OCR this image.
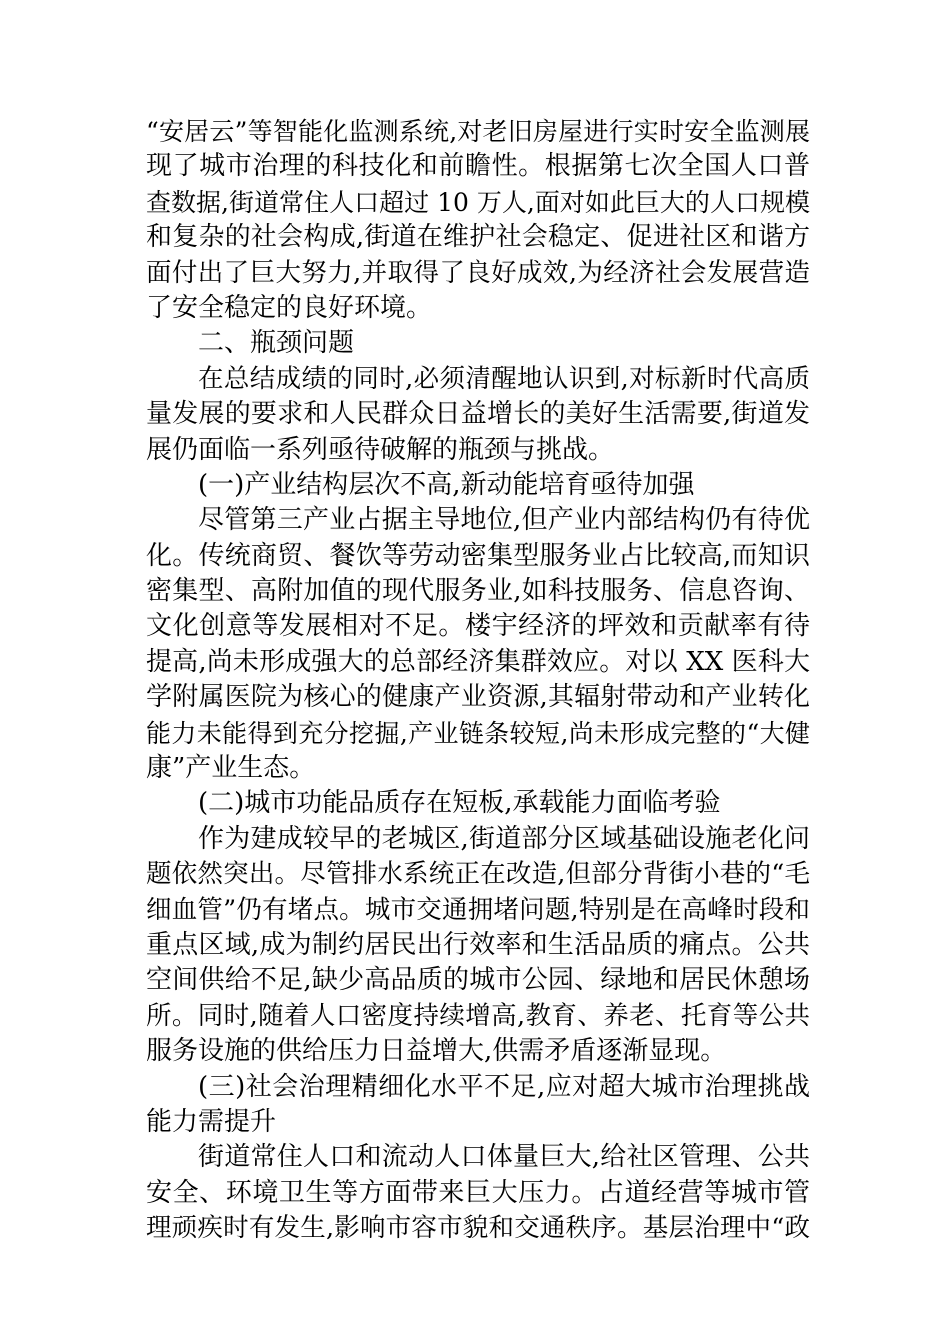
“安居云”等智能化监测系统,对老旧房屋进行实时安全监测展
现了城市治理的科技化和前瞻性。根据第七次全国人口普
查数据,街道常住人口超过 10 万人,面对如此巨大的人口规模
和复杂的社会构成,街道在维护社会稳定、促进社区和谐方
面付出了巨大努力,并取得了良好成效,为经济社会发展营造
了安全稳定的良好环境。
二、瓶颈问题
在总结成绩的同时,必须清醒地认识到,对标新时代高质
量发展的要求和人民群众日益增长的美好生活需要,街道发
展仍面临一系列亟待破解的瓶颈与挑战。
(一)产业结构层次不高,新动能培育亟待加强
尽管第三产业占据主导地位,但产业内部结构仍有待优
化。传统商贸、餐饮等劳动密集型服务业占比较高,而知识
密集型、高附加值的现代服务业,如科技服务、信息咨询、
文化创意等发展相对不足。楼宇经济的坪效和贡献率有待
提高,尚未形成强大的总部经济集群效应。对以 XX 医科大
学附属医院为核心的健康产业资源,其辐射带动和产业转化
能力未能得到充分挖掘,产业链条较短,尚未形成完整的“大健
康”产业生态。
(二)城市功能品质存在短板,承载能力面临考验
作为建成较早的老城区,街道部分区域基础设施老化问
题依然突出。尽管排水系统正在改造,但部分背街小巷的“毛
细血管”仍有堵点。城市交通拥堵问题,特别是在高峰时段和
重点区域,成为制约居民出行效率和生活品质的痛点。公共
空间供给不足,缺少高品质的城市公园、绿地和居民休憩场
所。同时,随着人口密度持续增高,教育、养老、托育等公共
服务设施的供给压力日益增大,供需矛盾逐渐显现。
(三)社会治理精细化水平不足,应对超大城市治理挑战
能力需提升
街道常住人口和流动人口体量巨大,给社区管理、公共
安全、环境卫生等方面带来巨大压力。占道经营等城市管
理顽疾时有发生,影响市容市貌和交通秩序。基层治理中“政
